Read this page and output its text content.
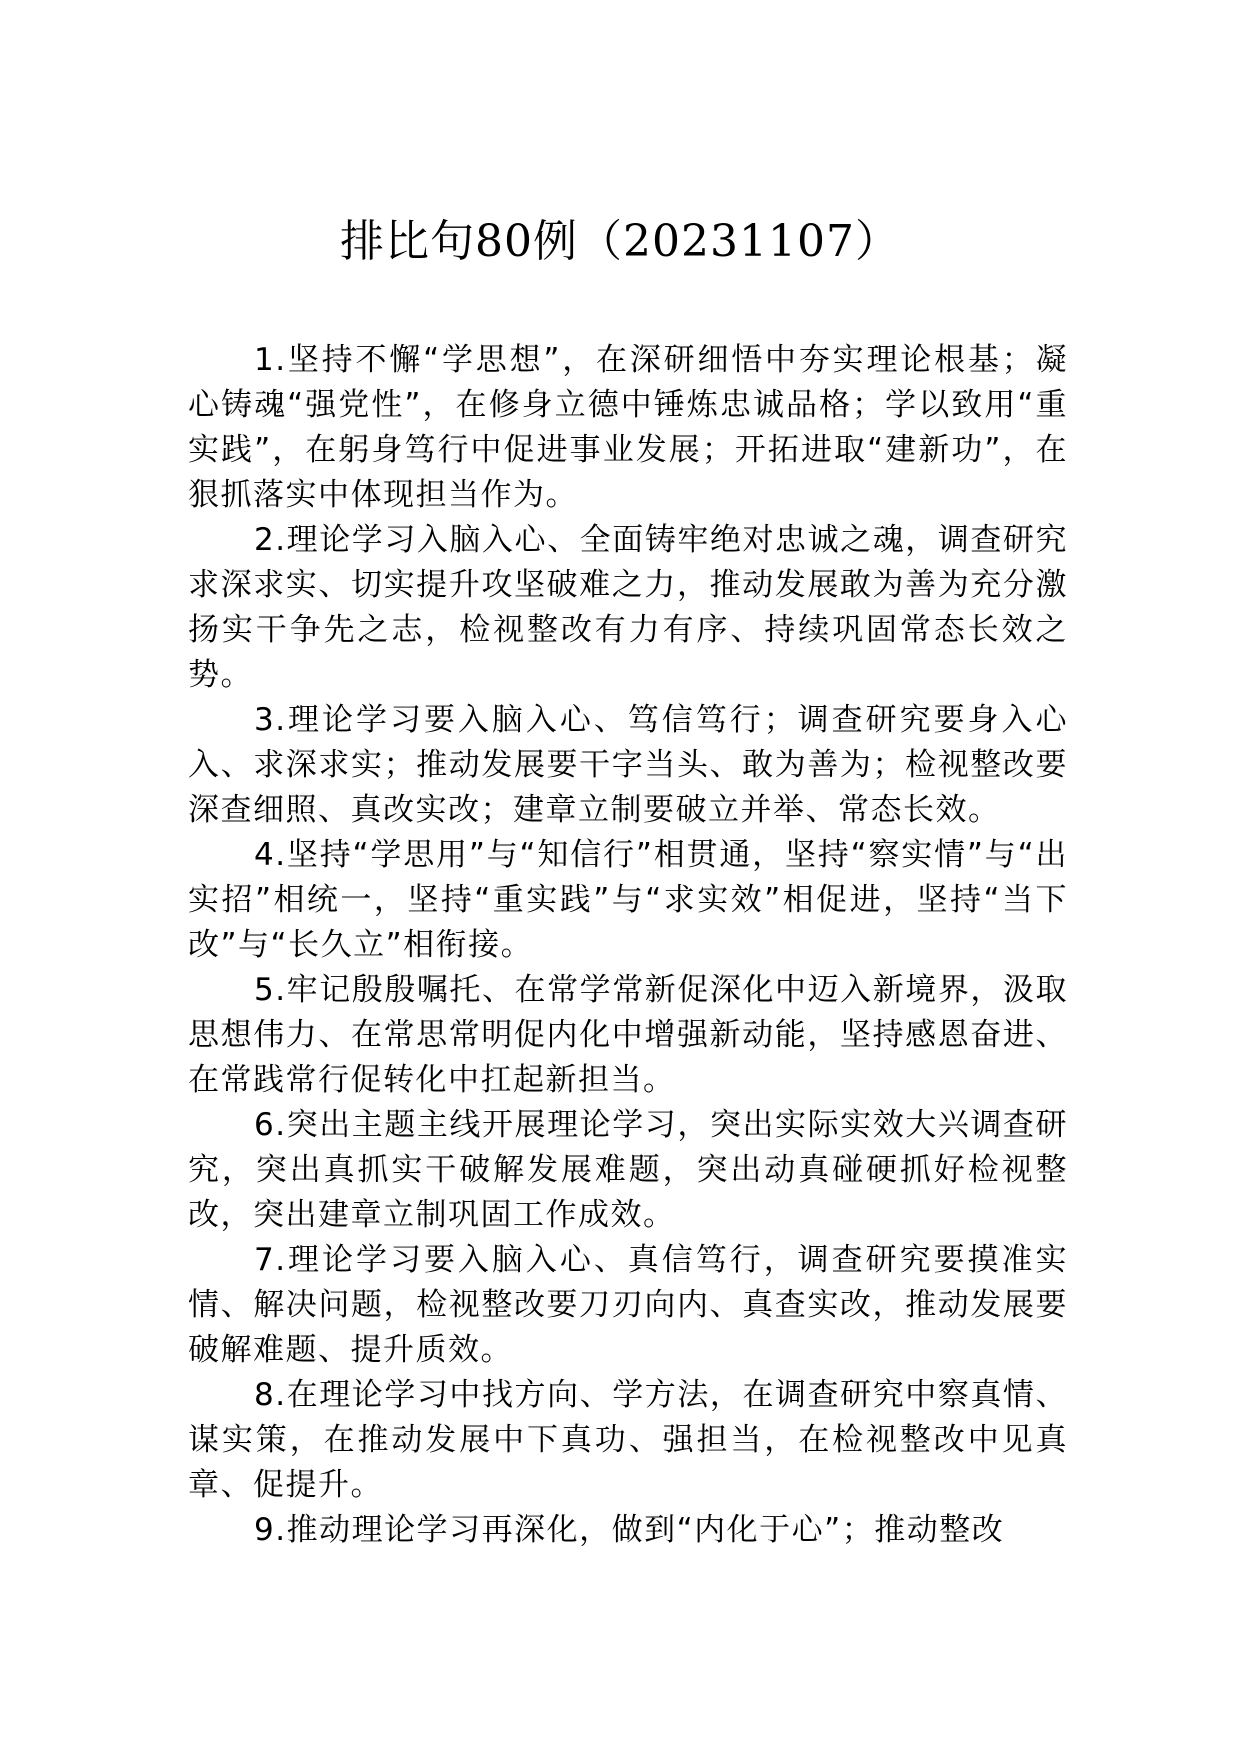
排比句80例（20231107）

1.坚持不懈“学思想”，在深研细悟中夯实理论根基；凝心铸魂“强党性”，在修身立德中锤炼忠诚品格；学以致用“重实践”，在躬身笃行中促进事业发展；开拓进取“建新功”，在狠抓落实中体现担当作为。

2.理论学习入脑入心、全面铸牢绝对忠诚之魂，调查研究求深求实、切实提升攻坚破难之力，推动发展敢为善为充分激扬实干争先之志，检视整改有力有序、持续巩固常态长效之势。

3.理论学习要入脑入心、笃信笃行；调查研究要身入心入、求深求实；推动发展要干字当头、敢为善为；检视整改要深查细照、真改实改；建章立制要破立并举、常态长效。

4.坚持“学思用”与“知信行”相贯通，坚持“察实情”与“出实招”相统一，坚持“重实践”与“求实效”相促进，坚持“当下改”与“长久立”相衔接。

5.牢记殷殷嘱托、在常学常新促深化中迈入新境界，汲取思想伟力、在常思常明促内化中增强新动能，坚持感恩奋进、在常践常行促转化中扛起新担当。

6.突出主题主线开展理论学习，突出实际实效大兴调查研究，突出真抓实干破解发展难题，突出动真碰硬抓好检视整改，突出建章立制巩固工作成效。

7.理论学习要入脑入心、真信笃行，调查研究要摸准实情、解决问题，检视整改要刀刃向内、真查实改，推动发展要破解难题、提升质效。

8.在理论学习中找方向、学方法，在调查研究中察真情、谋实策，在推动发展中下真功、强担当，在检视整改中见真章、促提升。

9.推动理论学习再深化，做到“内化于心”；推动整改
